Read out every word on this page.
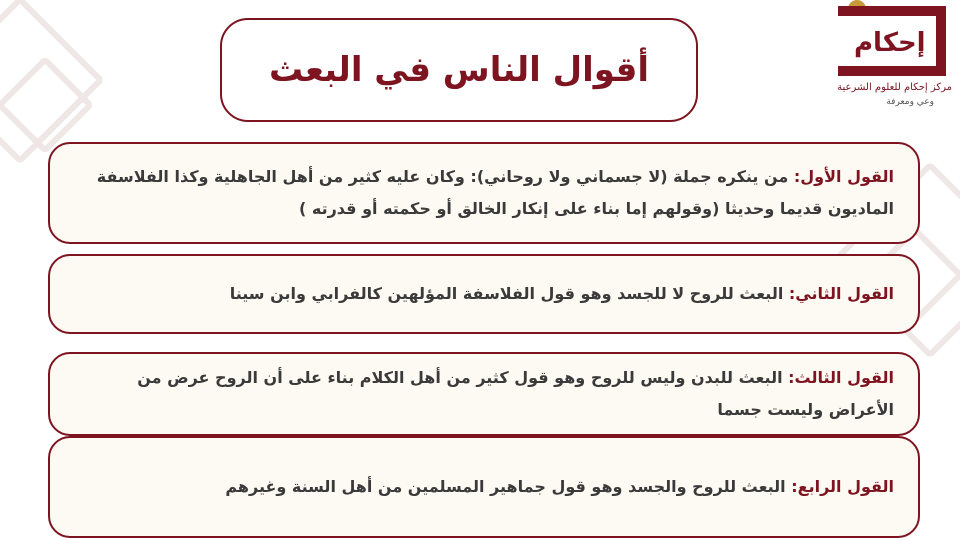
أقوال الناس في البعث
إحكام
مركز إحكام للعلوم الشرعية
وعي ومعرفة

القول الأول: من ينكره جملة (لا جسماني ولا روحاني): وكان عليه كثير من أهل الجاهلية وكذا الفلاسفة الماديون قديما وحديثا (وقولهم إما بناء على إنكار الخالق أو حكمته أو قدرته )

القول الثاني: البعث للروح لا للجسد وهو قول الفلاسفة المؤلهين كالفرابي وابن سينا

القول الثالث: البعث للبدن وليس للروح وهو قول كثير من أهل الكلام بناء على أن الروح عرض من الأعراض وليست جسما

القول الرابع: البعث للروح والجسد وهو قول جماهير المسلمين من أهل السنة وغيرهم
